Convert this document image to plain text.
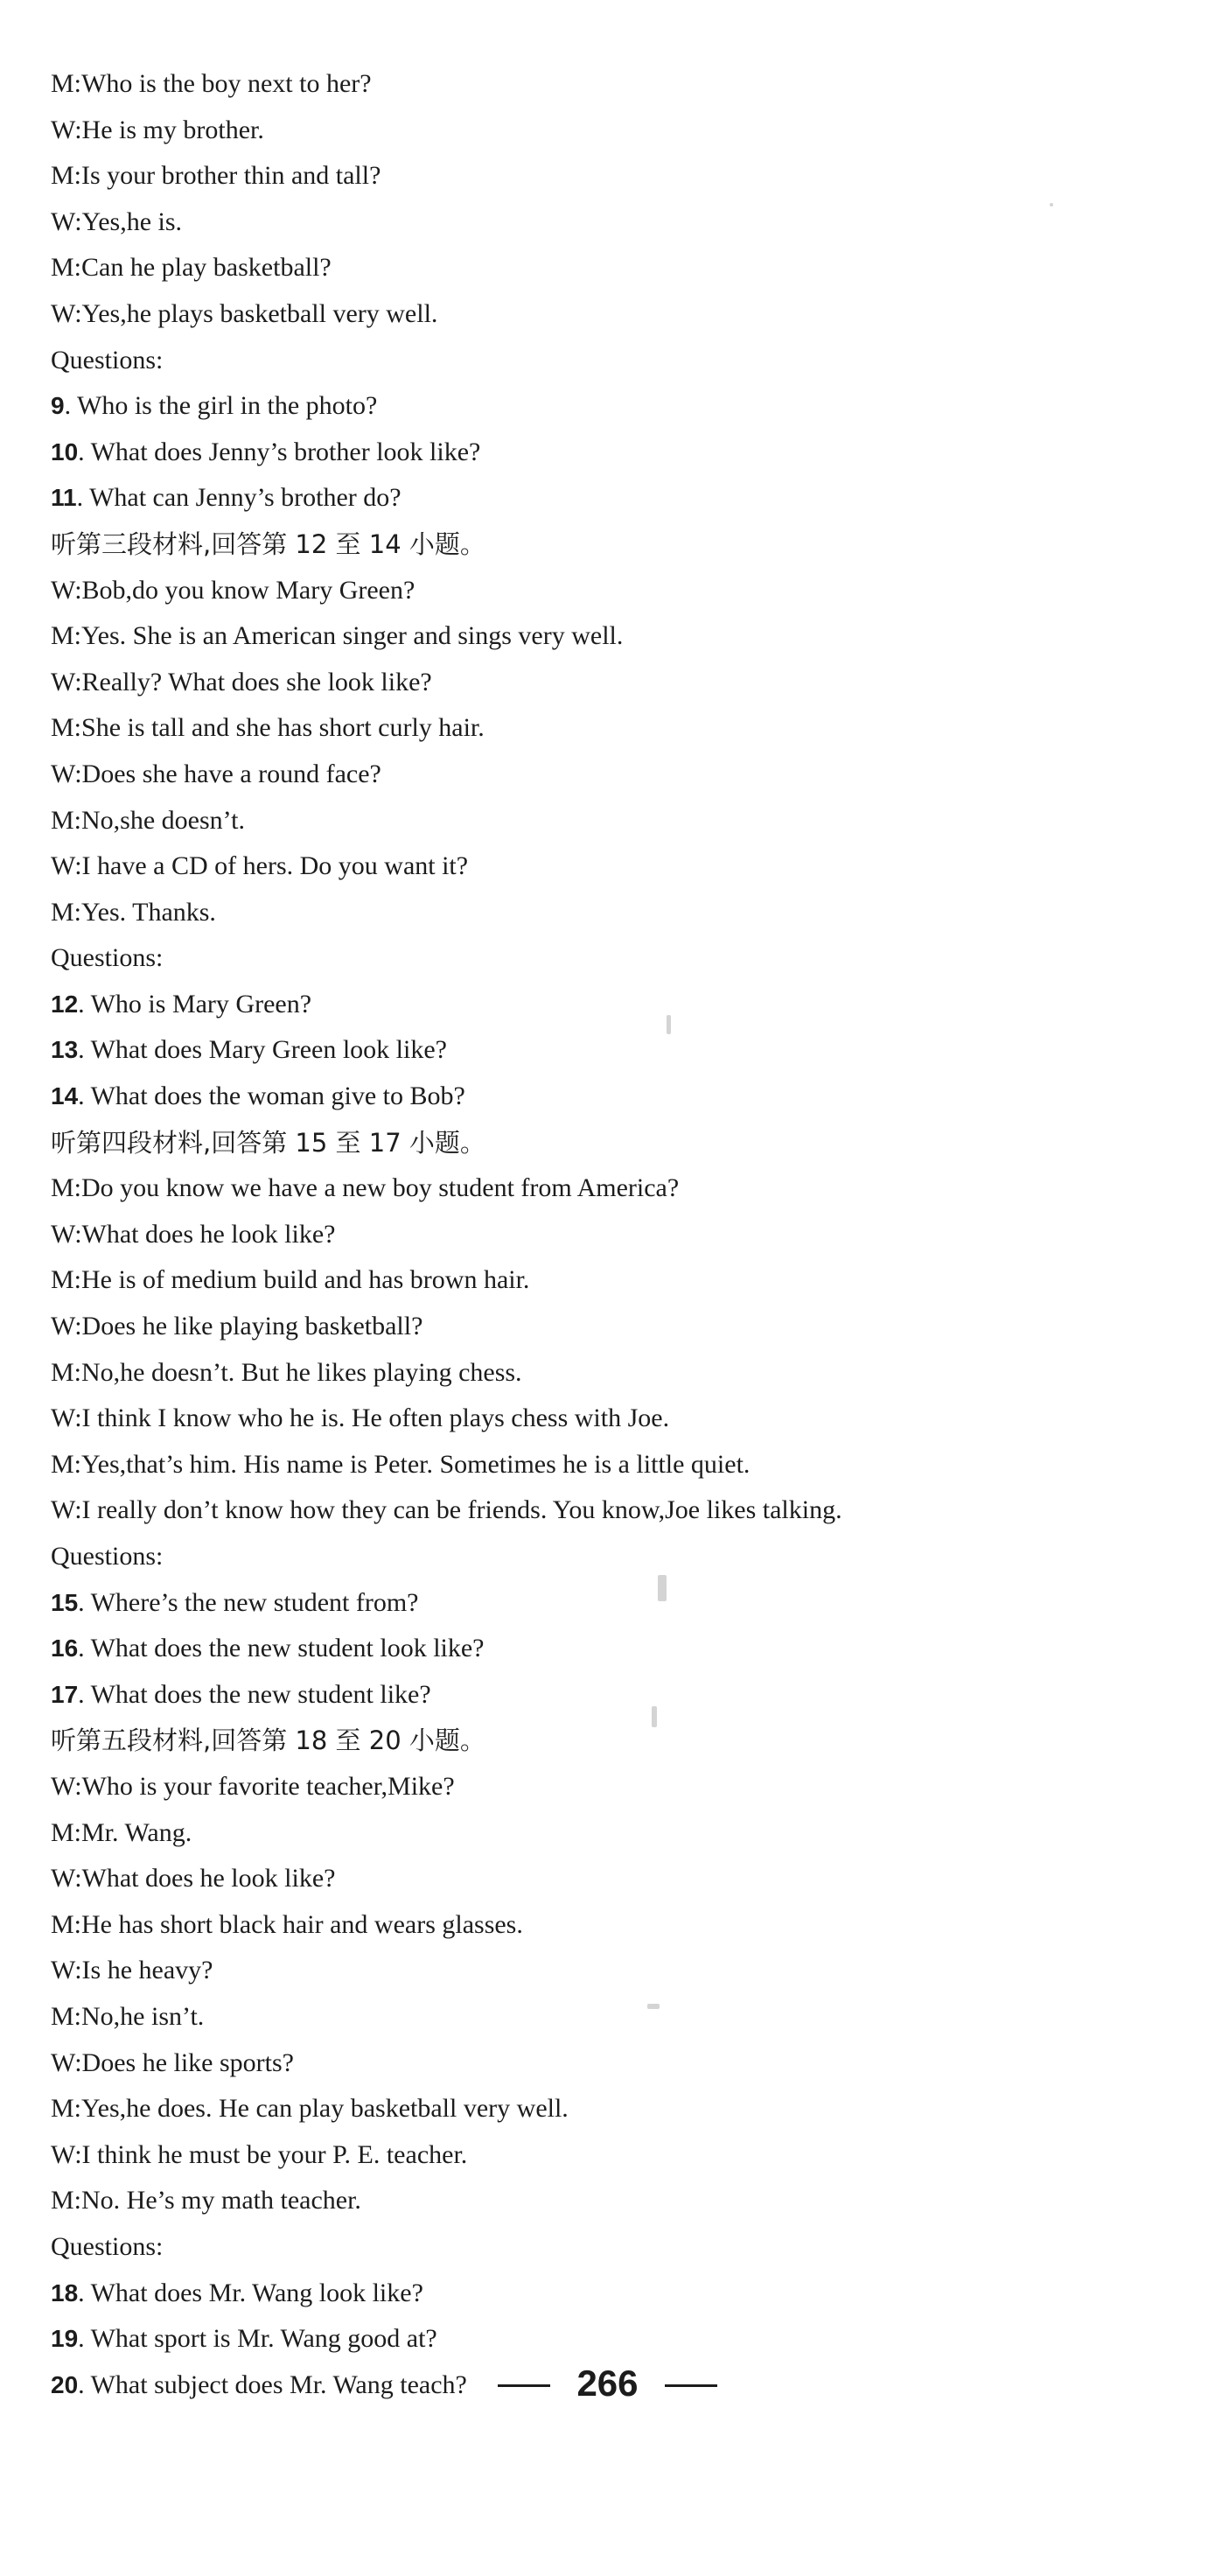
M:Who is the boy next to her?
W:He is my brother.
M:Is your brother thin and tall?
W:Yes,he is.
M:Can he play basketball?
W:Yes,he plays basketball very well.
Questions:
9. Who is the girl in the photo?
10. What does Jenny’s brother look like?
11. What can Jenny’s brother do?
听第三段材料,回答第 12 至 14 小题。
W:Bob,do you know Mary Green?
M:Yes. She is an American singer and sings very well.
W:Really? What does she look like?
M:She is tall and she has short curly hair.
W:Does she have a round face?
M:No,she doesn’t.
W:I have a CD of hers. Do you want it?
M:Yes. Thanks.
Questions:
12. Who is Mary Green?
13. What does Mary Green look like?
14. What does the woman give to Bob?
听第四段材料,回答第 15 至 17 小题。
M:Do you know we have a new boy student from America?
W:What does he look like?
M:He is of medium build and has brown hair.
W:Does he like playing basketball?
M:No,he doesn’t. But he likes playing chess.
W:I think I know who he is. He often plays chess with Joe.
M:Yes,that’s him. His name is Peter. Sometimes he is a little quiet.
W:I really don’t know how they can be friends. You know,Joe likes talking.
Questions:
15. Where’s the new student from?
16. What does the new student look like?
17. What does the new student like?
听第五段材料,回答第 18 至 20 小题。
W:Who is your favorite teacher,Mike?
M:Mr. Wang.
W:What does he look like?
M:He has short black hair and wears glasses.
W:Is he heavy?
M:No,he isn’t.
W:Does he like sports?
M:Yes,he does. He can play basketball very well.
W:I think he must be your P. E. teacher.
M:No. He’s my math teacher.
Questions:
18. What does Mr. Wang look like?
19. What sport is Mr. Wang good at?
20. What subject does Mr. Wang teach?	266
